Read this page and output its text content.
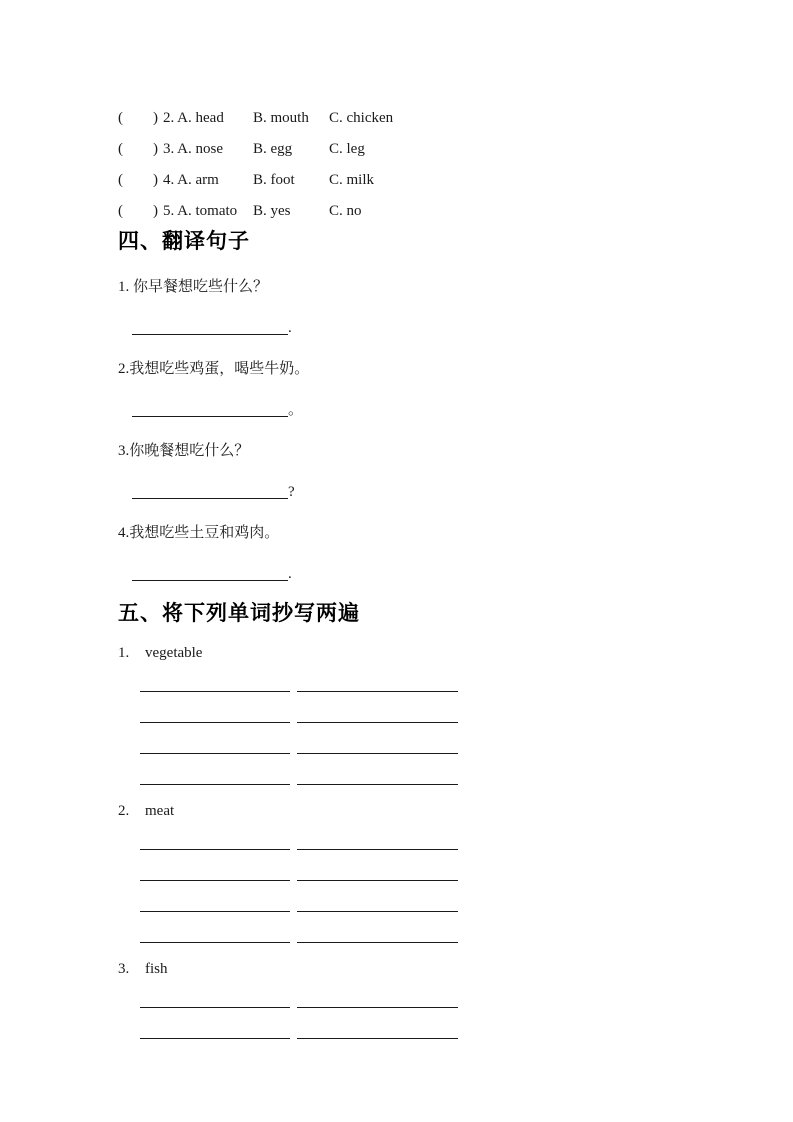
(        ) 2. A. head	B. mouth	C. chicken
(        ) 3. A. nose	B. egg	C. leg
(        ) 4. A. arm	B. foot	C. milk
(        ) 5. A. tomato	B. yes	C. no
四、翻译句子
1. 你早餐想吃些什么？
.
2.我想吃些鸡蛋，喝些牛奶。
。
3.你晚餐想吃什么？
?
4.我想吃些土豆和鸡肉。
.
五、将下列单词抄写两遍
1.	vegetable
2.	meat
3.	fish
